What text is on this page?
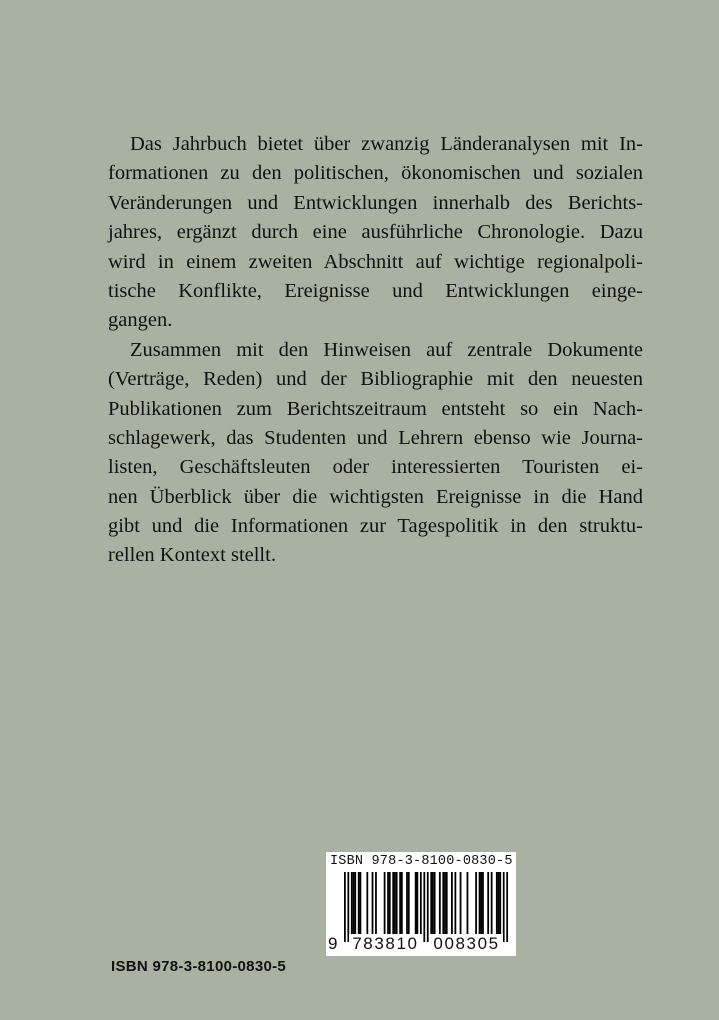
Das Jahrbuch bietet über zwanzig Länderanalysen mit In-
formationen zu den politischen, ökonomischen und sozialen
Veränderungen und Entwicklungen innerhalb des Berichts-
jahres, ergänzt durch eine ausführliche Chronologie. Dazu
wird in einem zweiten Abschnitt auf wichtige regionalpoli-
tische Konflikte, Ereignisse und Entwicklungen einge-
gangen.
Zusammen mit den Hinweisen auf zentrale Dokumente
(Verträge, Reden) und der Bibliographie mit den neuesten
Publikationen zum Berichtszeitraum entsteht so ein Nach-
schlagewerk, das Studenten und Lehrern ebenso wie Journa-
listen, Geschäftsleuten oder interessierten Touristen ei-
nen Überblick über die wichtigsten Ereignisse in die Hand
gibt und die Informationen zur Tagespolitik in den struktu-
rellen Kontext stellt.
ISBN 978-3-8100-0830-5
9 783810 008305
ISBN 978-3-8100-0830-5
